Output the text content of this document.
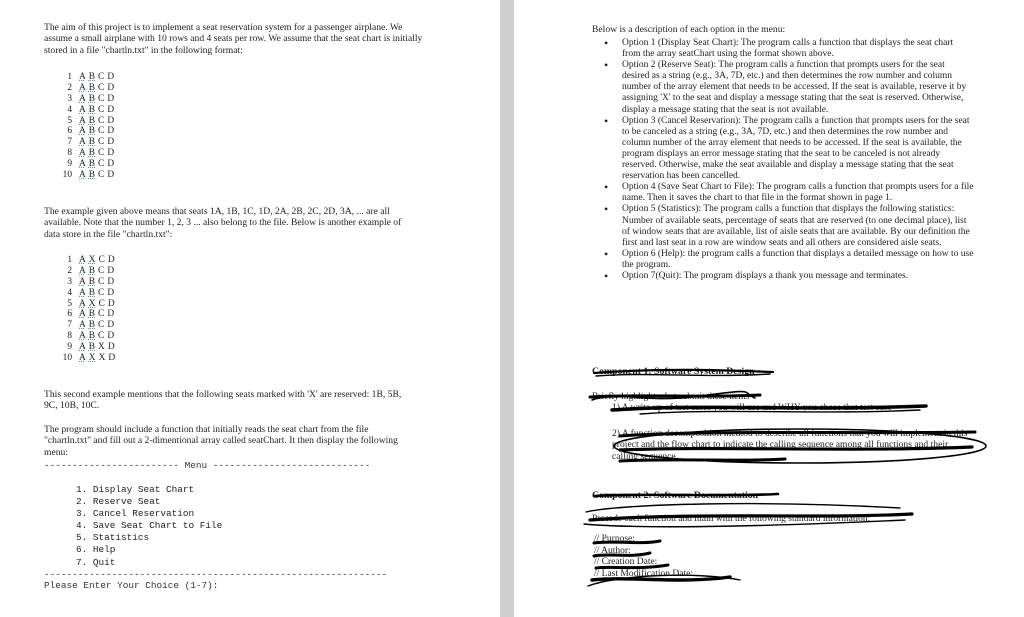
The aim of this project is to implement a seat reservation system for a passenger airplane. We assume a small airplane with 10 rows and 4 seats per row. We assume that the seat chart is initially stored in a file "chartln.txt" in the following format:
1 A B C D
2 A B C D
3 A B C D
4 A B C D
5 A B C D
6 A B C D
7 A B C D
8 A B C D
9 A B C D
10 A B C D
The example given above means that seats 1A, 1B, 1C, 1D, 2A, 2B, 2C, 2D, 3A, ... are all available. Note that the number 1, 2, 3 ... also belong to the file. Below is another example of data store in the file "chartln.txt":
1 A X C D
2 A B C D
3 A B C D
4 A B C D
5 A X C D
6 A B C D
7 A B C D
8 A B C D
9 A B X D
10 A X X D
This second example mentions that the following seats marked with 'X' are reserved: 1B, 5B, 9C, 10B, 10C.
The program should include a function that initially reads the seat chart from the file "chartln.txt" and fill out a 2-dimentional array called seatChart. It then display the following menu:
------------------------ Menu ----------------------------
1. Display Seat Chart
2. Reserve Seat
3. Cancel Reservation
4. Save Seat Chart to File
5. Statistics
6. Help
7. Quit
-------------------------------------------------------------
Please Enter Your Choice (1-7):
Below is a description of each option in the menu:
• Option 1 (Display Seat Chart): The program calls a function that displays the seat chart from the array seatChart using the format shown above.
• Option 2 (Reserve Seat): The program calls a function that prompts users for the seat desired as a string (e.g., 3A, 7D, etc.) and then determines the row number and column number of the array element that needs to be accessed. If the seat is available, reserve it by assigning 'X' to the seat and display a message stating that the seat is reserved. Otherwise, display a message stating that the seat is not available.
• Option 3 (Cancel Reservation): The program calls a function that prompts users for the seat to be canceled as a string (e.g., 3A, 7D, etc.) and then determines the row number and column number of the array element that needs to be accessed. If the seat is available, the program displays an error message stating that the seat to be canceled is not already reserved. Otherwise, make the seat available and display a message stating that the seat reservation has been cancelled.
• Option 4 (Save Seat Chart to File): The program calls a function that prompts users for a file name. Then it saves the chart to that file in the format shown in page 1.
• Option 5 (Statistics): The program calls a function that displays the following statistics: Number of available seats, percentage of seats that are reserved (to one decimal place), list of window seats that are available, list of aisle seats that are available. By our definition the first and last seat in a row are window seats and all others are considered aisle seats.
• Option 6 (Help): the program calls a function that displays a detailed message on how to use the program.
• Option 7(Quit): The program displays a thank you message and terminates.
Component 1: Software System Design
Briefly highlight what submit these items
1) A write-up of test cases you will use and WHY you chose that test case
2) A function decomposition method to describe all functions that you will implement in this project and the flow chart to indicate the calling sequence among all functions and their calling sequence
Component 2: Software Documentation
Precede each function and main with the following standard information:
// Purpose:
// Author:
// Creation Date:
// Last Modification Date:
